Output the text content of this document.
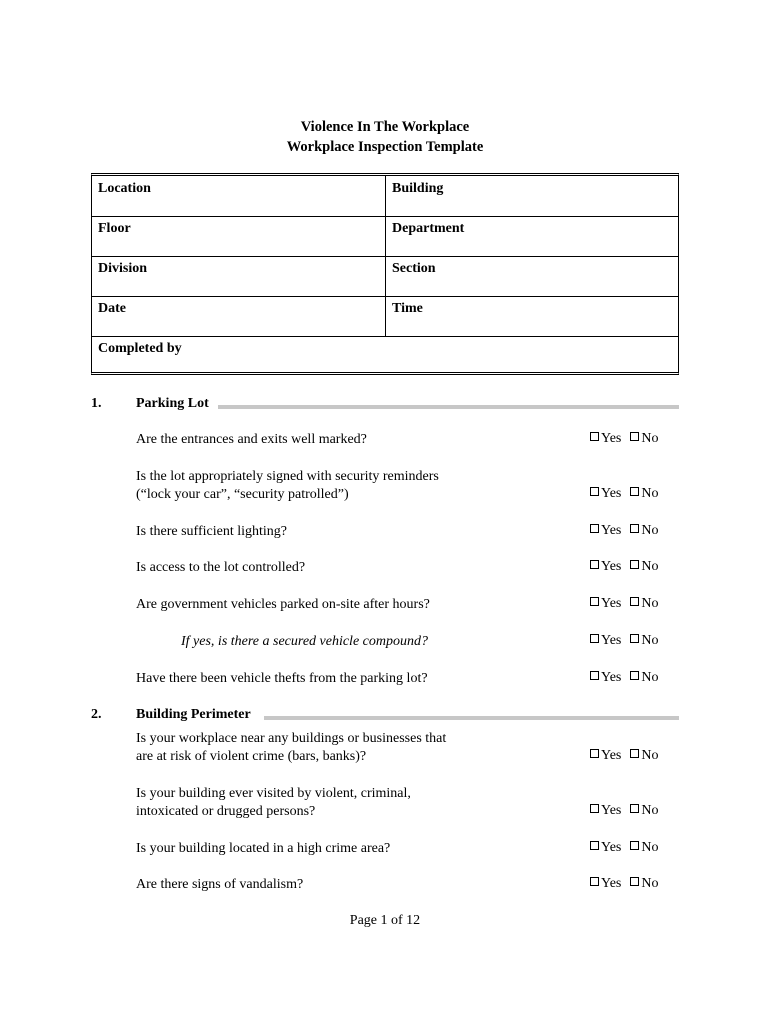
Violence In The Workplace
Workplace Inspection Template
Location	Building
Floor	Department
Division	Section
Date	Time
Completed by
1. Parking Lot
Are the entrances and exits well marked?	Yes No
Is the lot appropriately signed with security reminders
(“lock your car”, “security patrolled”)	Yes No
Is there sufficient lighting?	Yes No
Is access to the lot controlled?	Yes No
Are government vehicles parked on-site after hours?	Yes No
If yes, is there a secured vehicle compound?	Yes No
Have there been vehicle thefts from the parking lot?	Yes No
2. Building Perimeter
Is your workplace near any buildings or businesses that
are at risk of violent crime (bars, banks)?	Yes No
Is your building ever visited by violent, criminal,
intoxicated or drugged persons?	Yes No
Is your building located in a high crime area?	Yes No
Are there signs of vandalism?	Yes No
Page 1 of 12
